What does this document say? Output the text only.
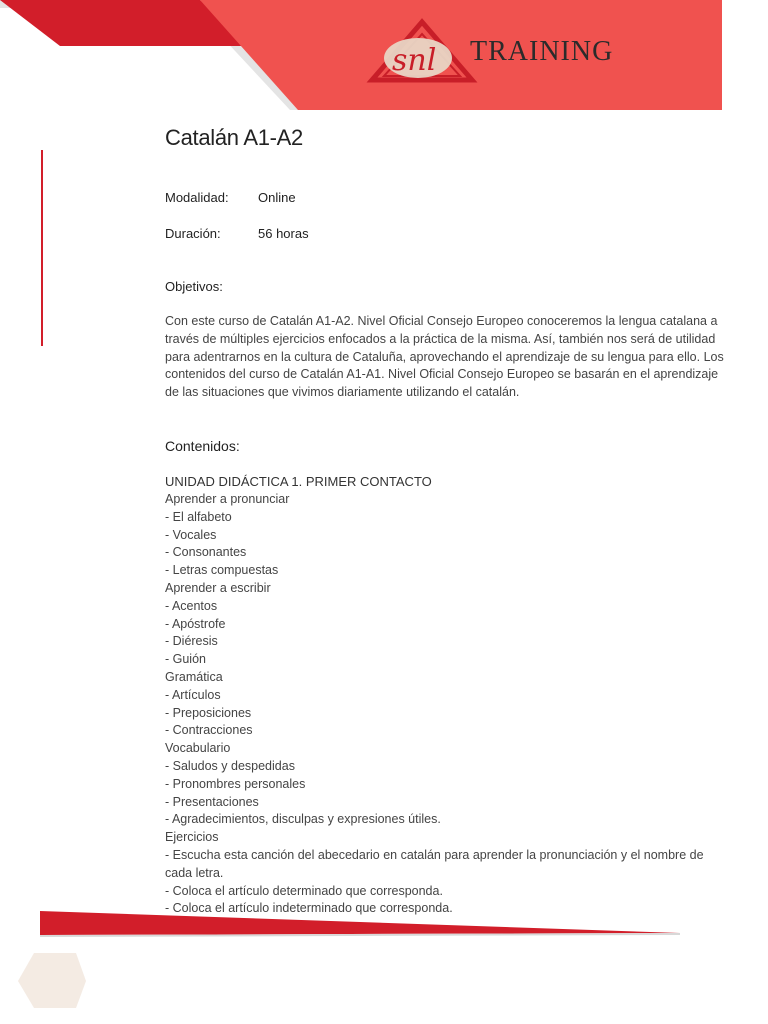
snl TRAINING
Catalán A1-A2
Modalidad: Online
Duración:	56 horas
Objetivos:
Con este curso de Catalán A1-A2. Nivel Oficial Consejo Europeo conoceremos la lengua catalana a través de múltiples ejercicios enfocados a la práctica de la misma. Así, también nos será de utilidad para adentrarnos en la cultura de Cataluña, aprovechando el aprendizaje de su lengua para ello. Los contenidos del curso de Catalán A1-A1. Nivel Oficial Consejo Europeo se basarán en el aprendizaje de las situaciones que vivimos diariamente utilizando el catalán.
Contenidos:
UNIDAD DIDÁCTICA 1. PRIMER CONTACTO
Aprender a pronunciar
- El alfabeto
- Vocales
- Consonantes
- Letras compuestas
Aprender a escribir
- Acentos
- Apóstrofe
- Diéresis
- Guión
Gramática
- Artículos
- Preposiciones
- Contracciones
Vocabulario
- Saludos y despedidas
- Pronombres personales
- Presentaciones
- Agradecimientos, disculpas y expresiones útiles.
Ejercicios
- Escucha esta canción del abecedario en catalán para aprender la pronunciación y el nombre de cada letra.
- Coloca el artículo determinado que corresponda.
- Coloca el artículo indeterminado que corresponda.
